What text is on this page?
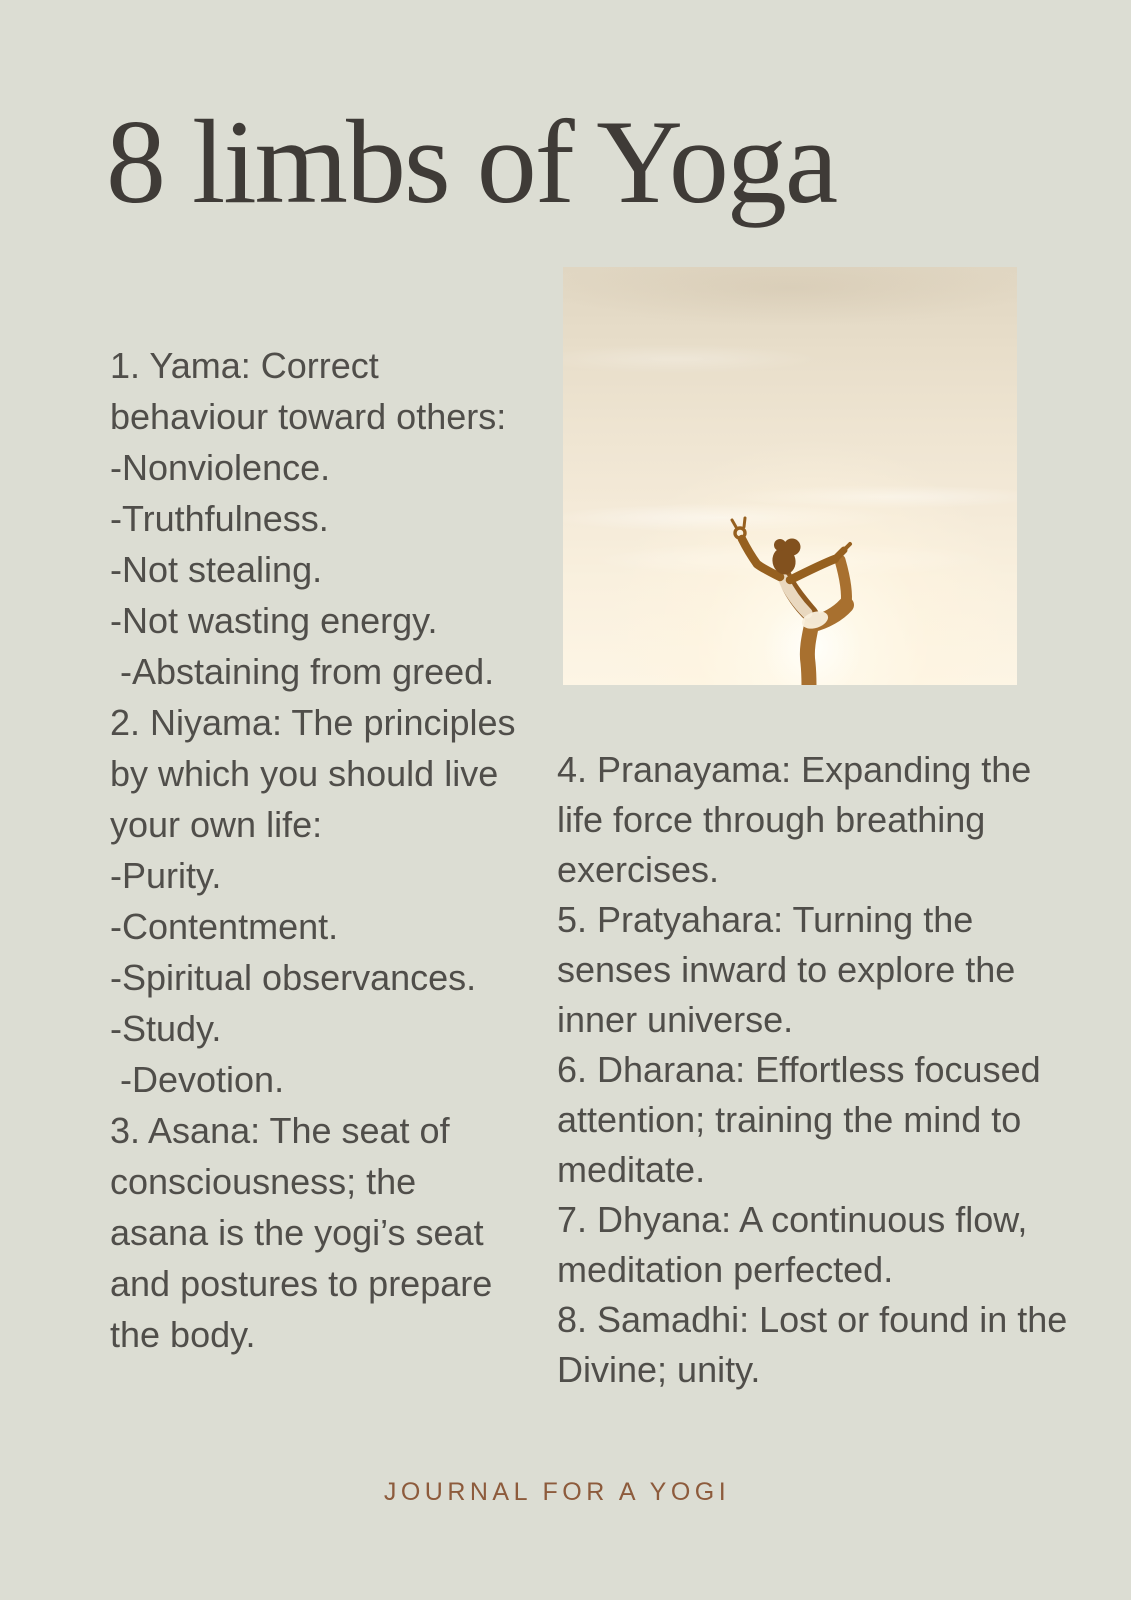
8 limbs of Yoga
1. Yama: Correct
behaviour toward others:
-Nonviolence.
-Truthfulness.
-Not stealing.
-Not wasting energy.
-Abstaining from greed.
2. Niyama: The principles
by which you should live
your own life:
-Purity.
-Contentment.
-Spiritual observances.
-Study.
-Devotion.
3. Asana: The seat of
consciousness; the
asana is the yogi’s seat
and postures to prepare
the body.
4. Pranayama: Expanding the
life force through breathing
exercises.
5. Pratyahara: Turning the
senses inward to explore the
inner universe.
6. Dharana: Effortless focused
attention; training the mind to
meditate.
7. Dhyana: A continuous flow,
meditation perfected.
8. Samadhi: Lost or found in the
Divine; unity.
JOURNAL FOR A YOGI
